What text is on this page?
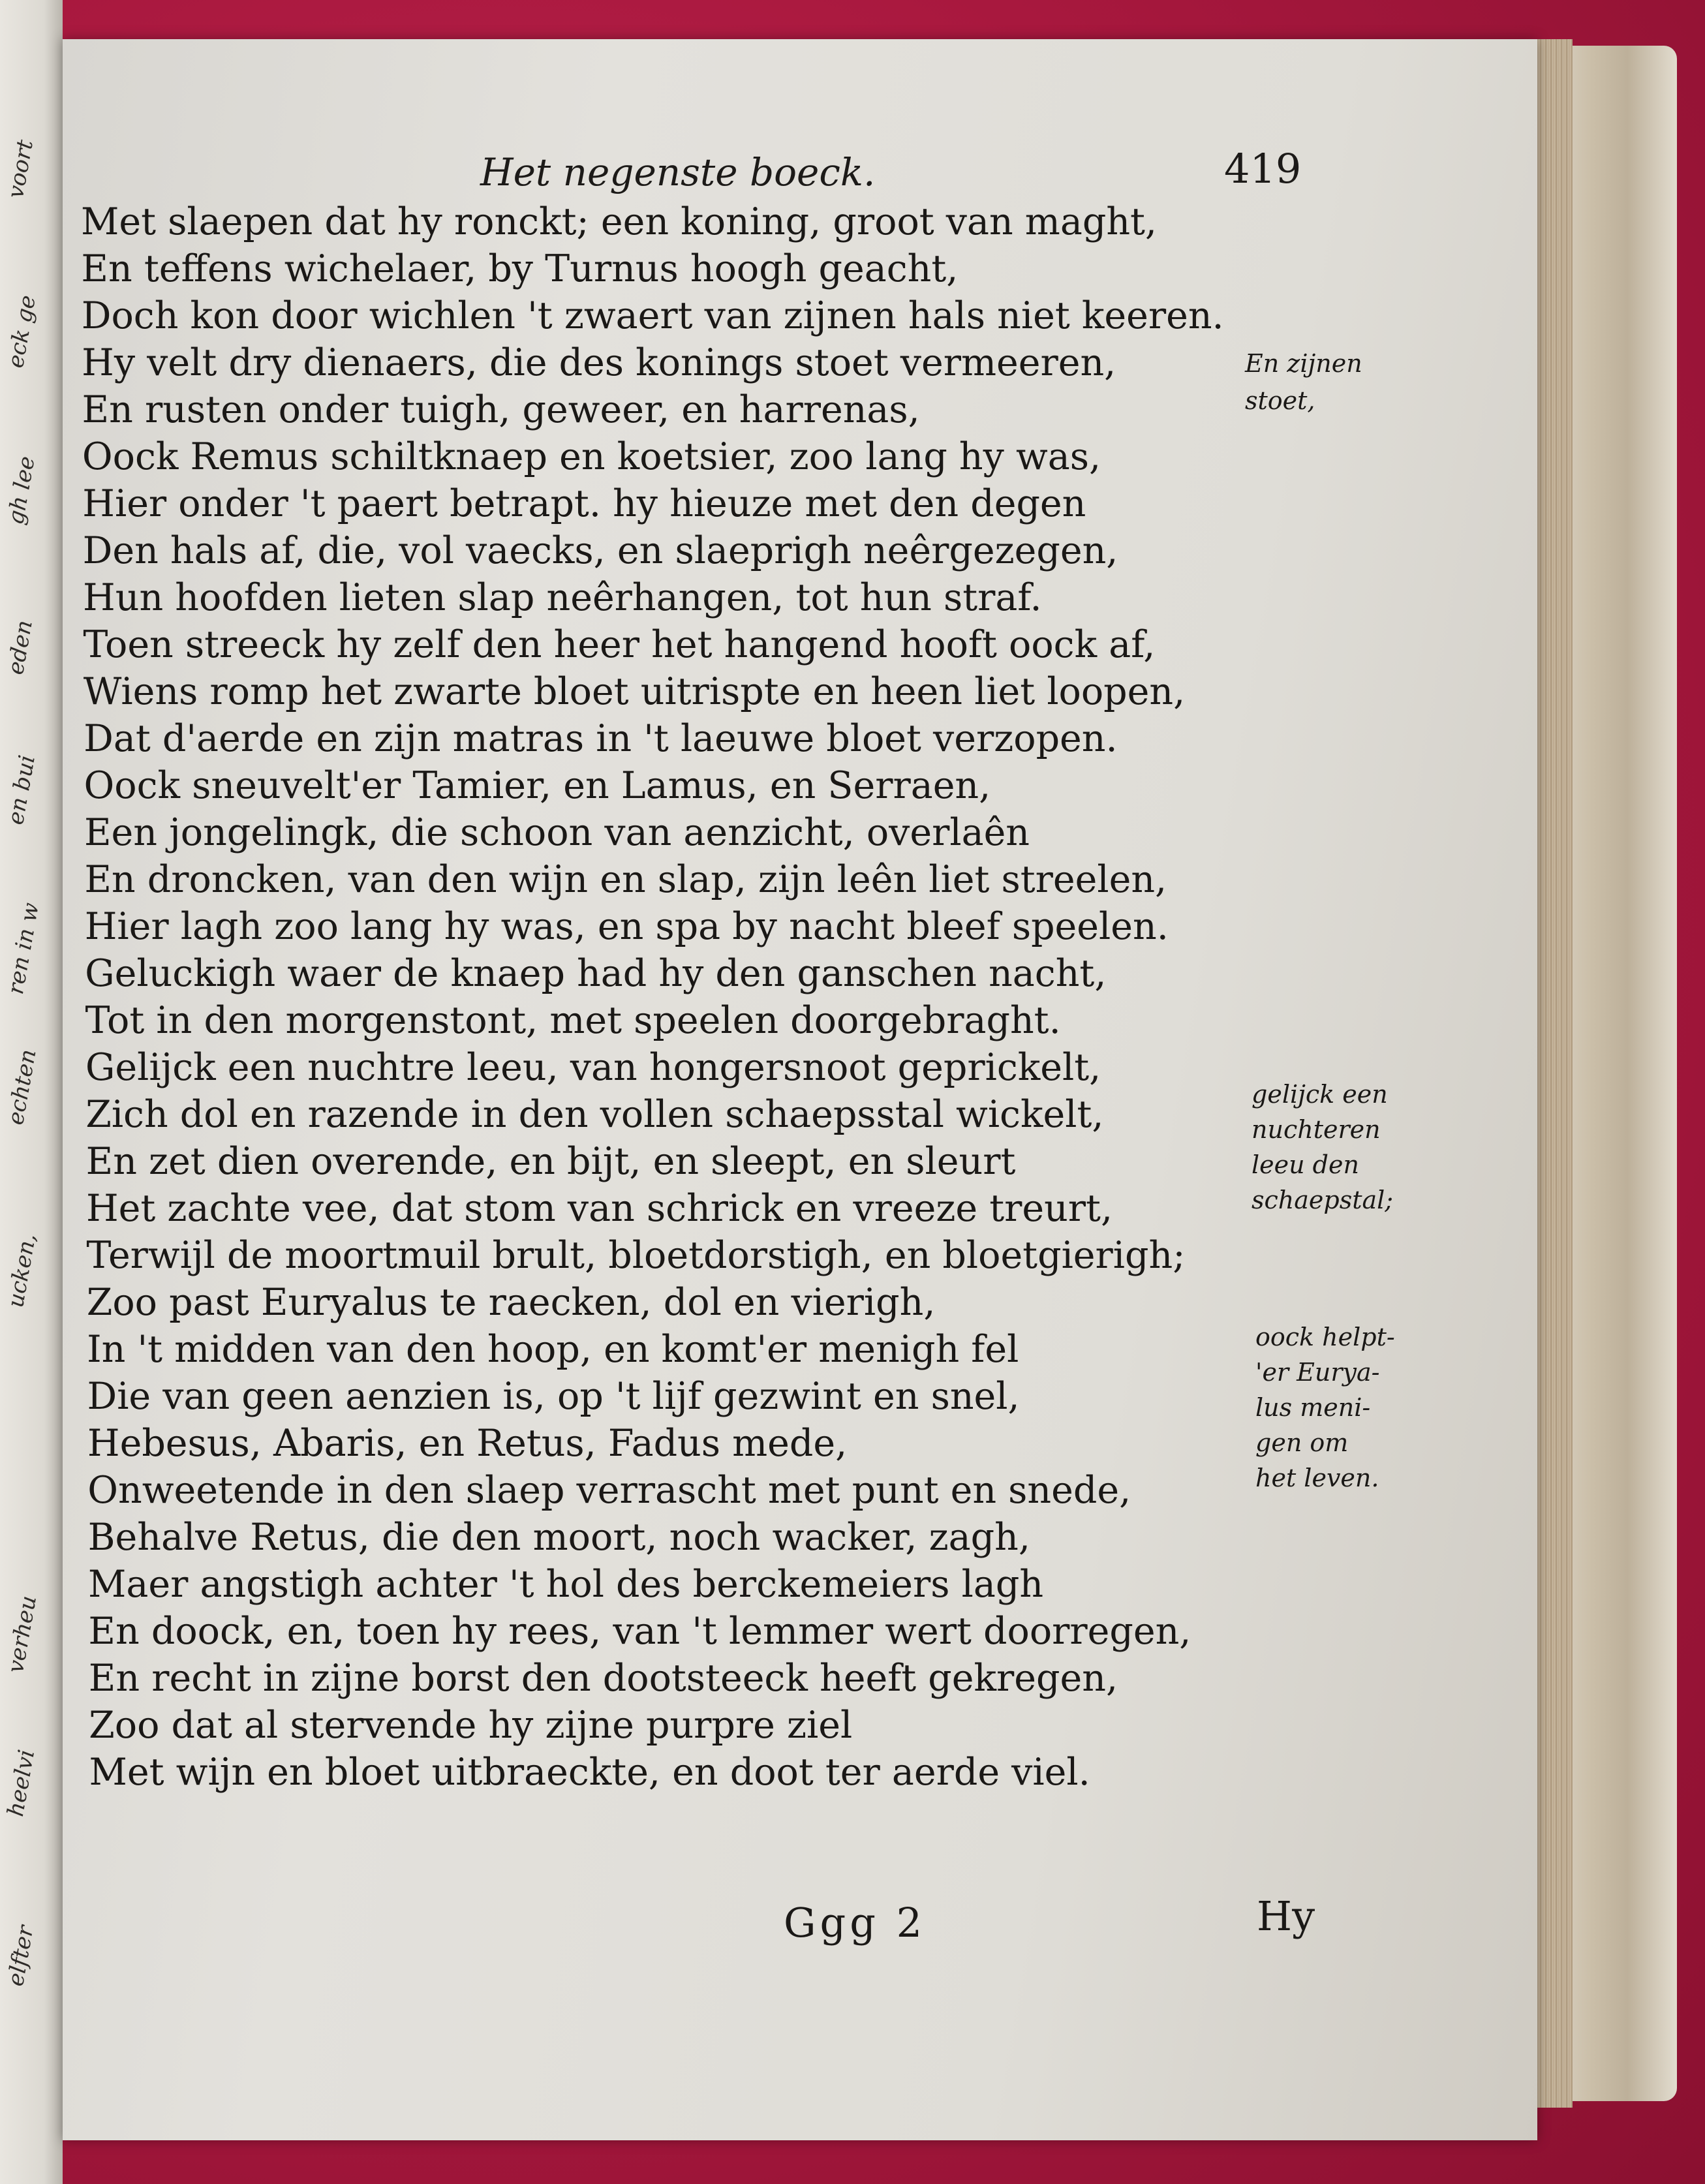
voort
eck ge
gh lee
eden
en bui
ren in w
echten
ucken,
verheu
heelvi
elfter
Het negenste boeck.	419
Met slaepen dat hy ronckt; een koning, groot van maght,
En teffens wichelaer, by Turnus hoogh geacht,
Doch kon door wichlen 't zwaert van zijnen hals niet keeren.
Hy velt dry dienaers, die des konings stoet vermeeren,
En rusten onder tuigh, geweer, en harrenas,
Oock Remus schiltknaep en koetsier, zoo lang hy was,
Hier onder 't paert betrapt. hy hieuze met den degen
Den hals af, die, vol vaecks, en slaeprigh neêrgezegen,
Hun hoofden lieten slap neêrhangen, tot hun straf.
Toen streeck hy zelf den heer het hangend hooft oock af,
Wiens romp het zwarte bloet uitrispte en heen liet loopen,
Dat d'aerde en zijn matras in 't laeuwe bloet verzopen.
Oock sneuvelt'er Tamier, en Lamus, en Serraen,
Een jongelingk, die schoon van aenzicht, overlaên
En droncken, van den wijn en slap, zijn leên liet streelen,
Hier lagh zoo lang hy was, en spa by nacht bleef speelen.
Geluckigh waer de knaep had hy den ganschen nacht,
Tot in den morgenstont, met speelen doorgebraght.
Gelijck een nuchtre leeu, van hongersnoot geprickelt,
Zich dol en razende in den vollen schaepsstal wickelt,
En zet dien overende, en bijt, en sleept, en sleurt
Het zachte vee, dat stom van schrick en vreeze treurt,
Terwijl de moortmuil brult, bloetdorstigh, en bloetgierigh;
Zoo past Euryalus te raecken, dol en vierigh,
In 't midden van den hoop, en komt'er menigh fel
Die van geen aenzien is, op 't lijf gezwint en snel,
Hebesus, Abaris, en Retus, Fadus mede,
Onweetende in den slaep verrascht met punt en snede,
Behalve Retus, die den moort, noch wacker, zagh,
Maer angstigh achter 't hol des berckemeiers lagh
En doock, en, toen hy rees, van 't lemmer wert doorregen,
En recht in zijne borst den dootsteeck heeft gekregen,
Zoo dat al stervende hy zijne purpre ziel
Met wijn en bloet uitbraeckte, en doot ter aerde viel.
En zijnen
stoet,
gelijck een
nuchteren
leeu den
schaepstal;
oock helpt-
'er Eurya-
lus meni-
gen om
het leven.
Ggg 2	Hy
